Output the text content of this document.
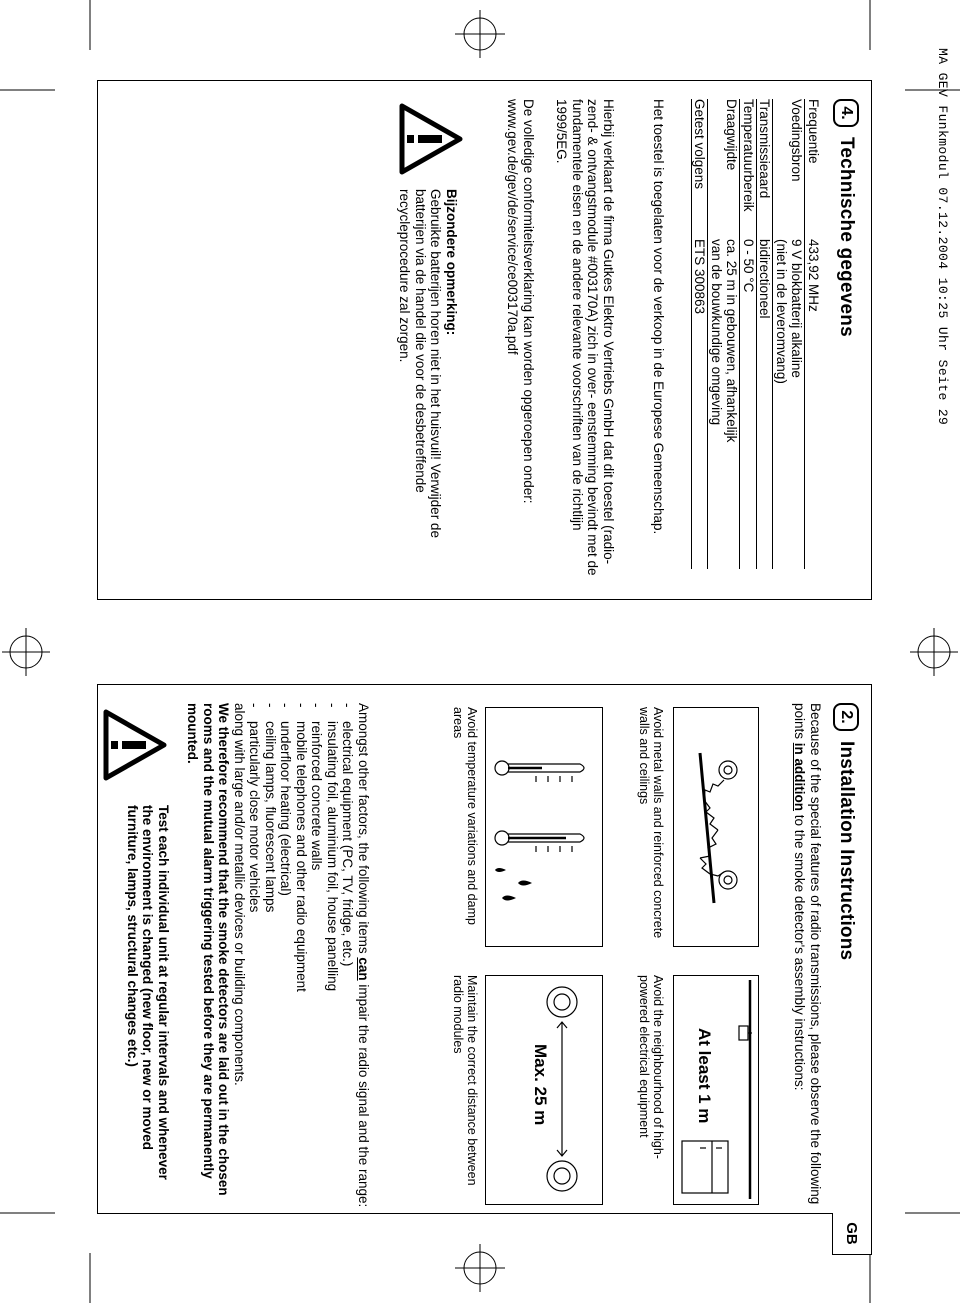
MA GEV Funkmodul 07.12.2004 10:25 Uhr Seite 29
4.
Technische gegevens
Frequentie
433,92 MHz
Voedingsbron
9 V blokbatterij alkaline
(niet in de leveromvang)
Transmissieaard
bidirectioneel
Temperatuurbereik
0 - 50 °C
Draagwijdte
ca. 25 m in gebouwen, afhankelijk
van de bouwkundige omgeving
Getest volgens
ETS 300863
Het toestel is toegelaten voor de verkoop in de Europese Gemeenschap.
Hierbij verklaart de firma Gutkes Elektro Vertriebs GmbH dat dit toestel (radio-zend- & ontvangstmodule #003170A) zich in over- eenstemming bevindt met de fundamentele eisen en de andere relevante voorschriften van de richtlijn 1999/5EG.
De volledige conformiteitsverklaring kan worden opgeroepen onder: www.gev.de/gev/de/service/ce003170a.pdf
Bijzondere opmerking:
Gebruikte batterijen horen niet in het huisvuil! Verwijder de batterijen via de handel die voor de desbetreffende recycleprocedure zal zorgen.
2.
Installation Instructions
Because of the special features of radio transmissions, please observe the following points in addition to the smoke detector's assembly instructions:
Avoid metal walls and reinforced concrete walls and ceilings
At least 1 m
Avoid the neighbourhood of high-powered electrical equipment
Avoid temperature variations and damp areas
Max. 25 m
Maintain the correct distance between radio modules
Amongst other factors, the following items can impair the radio signal and the range:
-
electrical equipment (PC, TV, fridge, etc.)
-
insulating foil, aluminium foil, house panelling
-
reinforced concrete walls
-
mobile telephones and other radio equipment
-
underfloor heating (electrical)
-
ceiling lamps, fluorescent lamps
-
particularly close motor vehicles
along with large and/or metallic devices or building components.
We therefore recommend that the smoke detectors are laid out in the chosen rooms and the mutual alarm triggering tested before they are permanently mounted.
Test each individual unit at regular intervals and whenever the environment is changed (new floor, new or moved furniture, lamps, structural changes etc.)
GB
